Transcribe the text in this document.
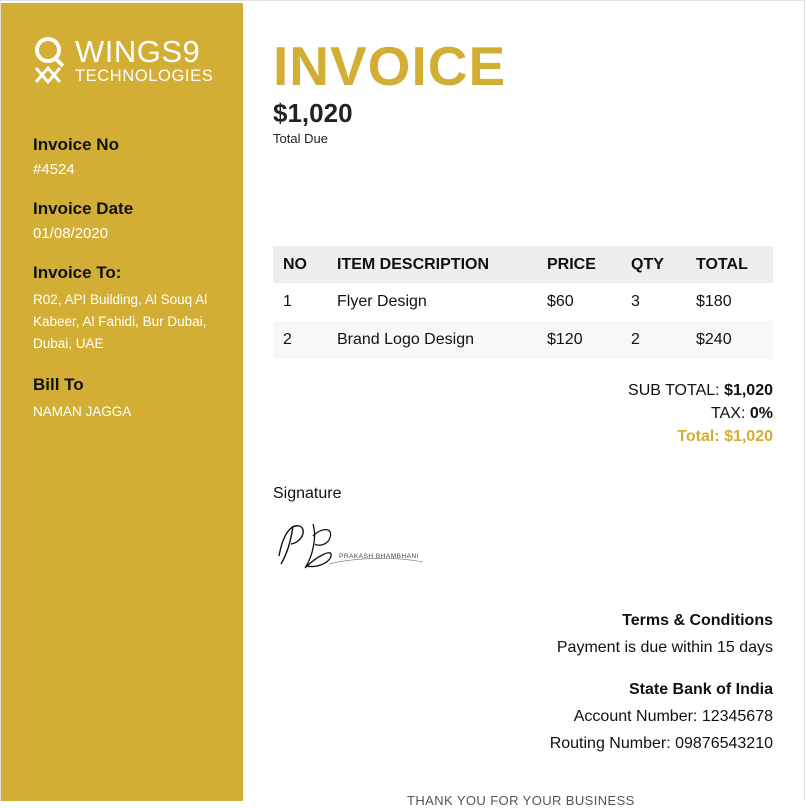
WINGS9
TECHNOLOGIES
Invoice No
#4524
Invoice Date
01/08/2020
Invoice To:
R02, API Building, Al Souq Al Kabeer, Al Fahidi, Bur Dubai, Dubai, UAE
Bill To
NAMAN JAGGA
INVOICE
$1,020
Total Due
NO	ITEM DESCRIPTION	PRICE	QTY	TOTAL
1	Flyer Design	$60	3	$180
2	Brand Logo Design	$120	2	$240
SUB TOTAL: $1,020
TAX: 0%
Total: $1,020
Signature
PRAKASH BHAMBHANI
Terms & Conditions
Payment is due within 15 days
State Bank of India
Account Number: 12345678
Routing Number: 09876543210
THANK YOU FOR YOUR BUSINESS
